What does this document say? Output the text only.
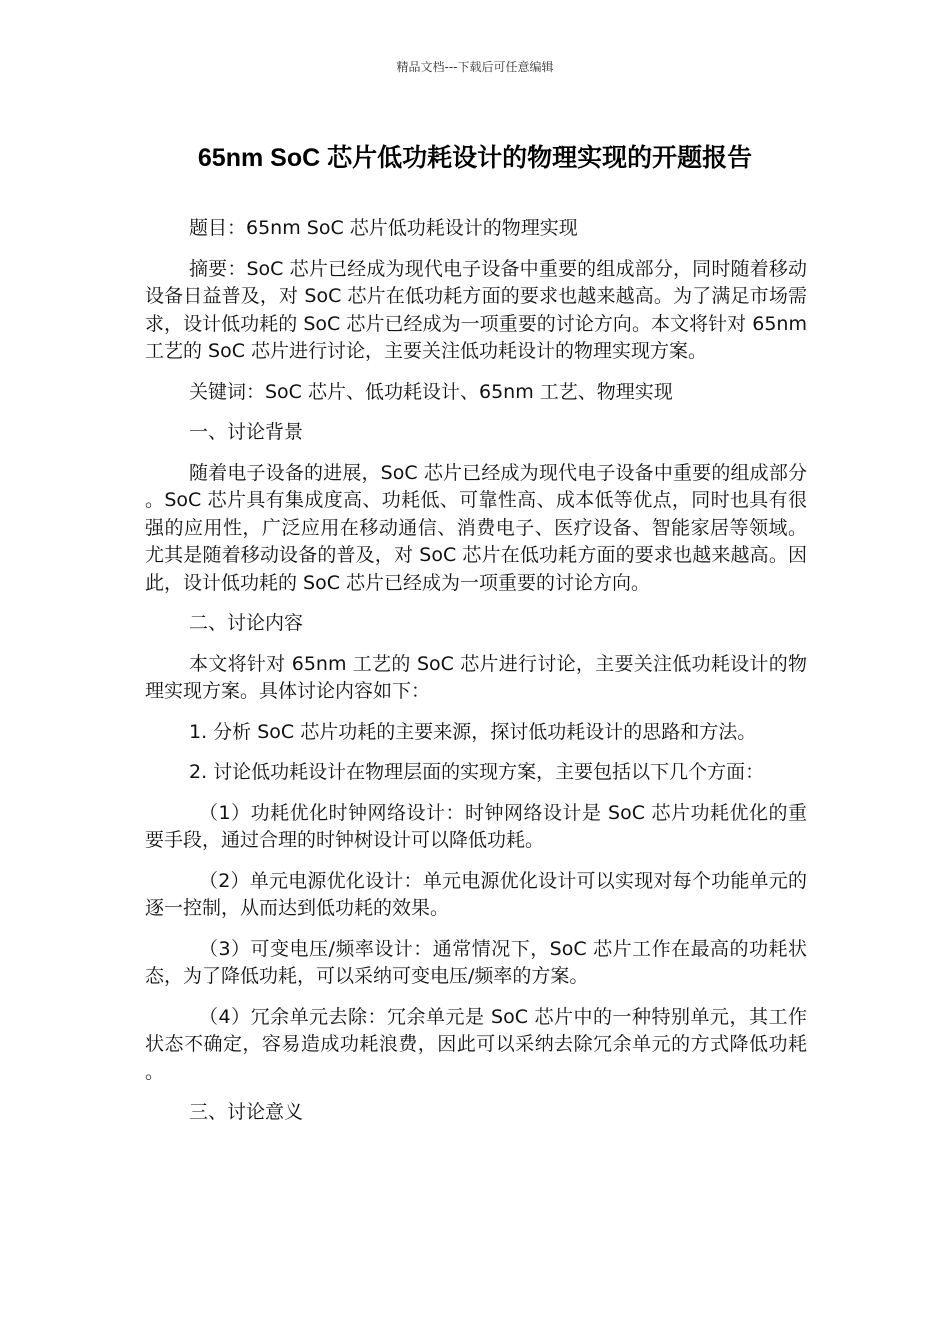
精品文档---下载后可任意编辑
65nm SoC 芯片低功耗设计的物理实现的开题报告

题目：65nm SoC 芯片低功耗设计的物理实现

摘要：SoC 芯片已经成为现代电子设备中重要的组成部分，同时随着移动设备日益普及，对 SoC 芯片在低功耗方面的要求也越来越高。为了满足市场需求，设计低功耗的 SoC 芯片已经成为一项重要的讨论方向。本文将针对 65nm 工艺的 SoC 芯片进行讨论，主要关注低功耗设计的物理实现方案。

关键词：SoC 芯片、低功耗设计、65nm 工艺、物理实现

一、讨论背景

随着电子设备的进展，SoC 芯片已经成为现代电子设备中重要的组成部分。SoC 芯片具有集成度高、功耗低、可靠性高、成本低等优点，同时也具有很强的应用性，广泛应用在移动通信、消费电子、医疗设备、智能家居等领域。尤其是随着移动设备的普及，对 SoC 芯片在低功耗方面的要求也越来越高。因此，设计低功耗的 SoC 芯片已经成为一项重要的讨论方向。

二、讨论内容

本文将针对 65nm 工艺的 SoC 芯片进行讨论，主要关注低功耗设计的物理实现方案。具体讨论内容如下：

1. 分析 SoC 芯片功耗的主要来源，探讨低功耗设计的思路和方法。

2. 讨论低功耗设计在物理层面的实现方案，主要包括以下几个方面：

（1）功耗优化时钟网络设计：时钟网络设计是 SoC 芯片功耗优化的重要手段，通过合理的时钟树设计可以降低功耗。

（2）单元电源优化设计：单元电源优化设计可以实现对每个功能单元的逐一控制，从而达到低功耗的效果。

（3）可变电压/频率设计：通常情况下，SoC 芯片工作在最高的功耗状态，为了降低功耗，可以采纳可变电压/频率的方案。

（4）冗余单元去除：冗余单元是 SoC 芯片中的一种特别单元，其工作状态不确定，容易造成功耗浪费，因此可以采纳去除冗余单元的方式降低功耗。

三、讨论意义
